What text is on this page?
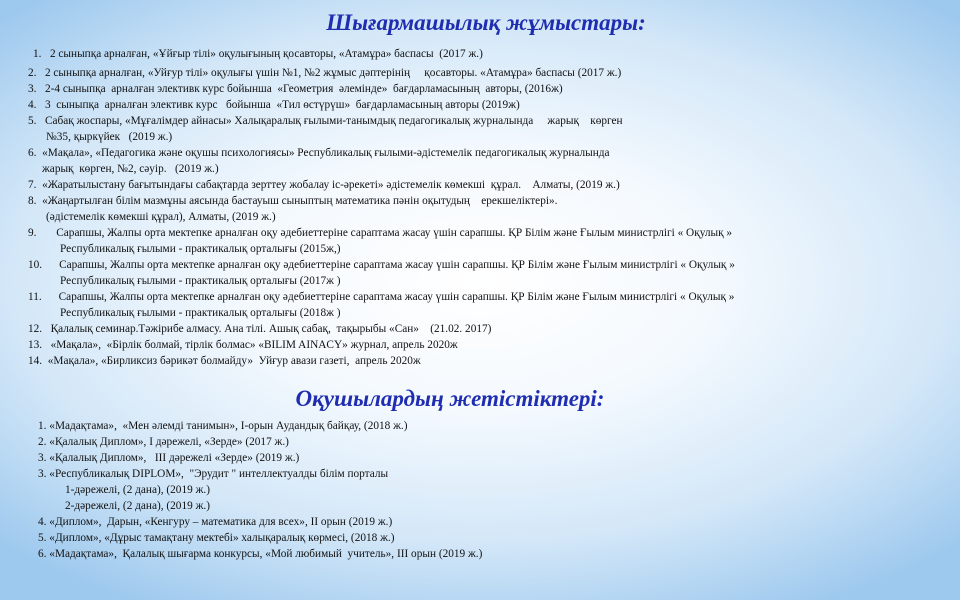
Шығармашылық жұмыстары:
1.   2 сыныпқа арналған, «Ұйғыр тілі» оқулығының қосавторы, «Атамұра» баспасы  (2017 ж.)
2.   2 сыныпқа арналған, «Уйғур тілі» оқулығы үшін №1, №2 жұмыс дәптерінің     қосавторы. «Атамұра» баспасы (2017 ж.)
3.   2-4 сыныпқа  арналған элективк курс бойынша  «Геометрия  әлемінде»  бағдарламасының  авторы, (2016ж)
4.   3  сыныпқа  арналған элективк курс   бойынша  «Тил өстүрүш»  бағдарламасының авторы (2019ж)
5.   Сабақ жоспары, «Мұғалімдер айнасы» Халықаралық ғылыми-танымдық педагогикалық журналында     жарық    көрген
№35, қыркүйек   (2019 ж.)
6.  «Мақала», «Педагогика және оқушы психологиясы» Республикалық ғылыми-әдістемелік педагогикалық журналында
жарық  көрген, №2, сәуір.   (2019 ж.)
7.  «Жаратылыстану бағытындағы сабақтарда зерттеу жобалау іс-әрекеті» әдістемелік көмекші  құрал.    Алматы, (2019 ж.)
8.  «Жаңартылған білім мазмұны аясында бастауыш сыныптың математика пәнін оқытудың    ерекшеліктері».
(әдістемелік көмекші құрал), Алматы, (2019 ж.)
9.       Сарапшы, Жалпы орта мектепке арналған оқу әдебиеттеріне сараптама жасау үшін сарапшы. ҚР Білім және Ғылым министрлігі « Оқулық »
Республикалық ғылыми - практикалық орталығы (2015ж,)
10.      Сарапшы, Жалпы орта мектепке арналған оқу әдебиеттеріне сараптама жасау үшін сарапшы. ҚР Білім және Ғылым министрлігі « Оқулық »
Республикалық ғылыми - практикалық орталығы (2017ж )
11.      Сарапшы, Жалпы орта мектепке арналған оқу әдебиеттеріне сараптама жасау үшін сарапшы. ҚР Білім және Ғылым министрлігі « Оқулық »
Республикалық ғылыми - практикалық орталығы (2018ж )
12.   Қалалық семинар.Тәжірибе алмасу. Ана тілі. Ашық сабақ,  тақырыбы «Сан»    (21.02. 2017)
13.   «Мақала»,  «Бірлік болмай, тірлік болмас» «BILIM AINACY» журнал, апрель 2020ж
14.  «Мақала», «Бирликсиз бәрикәт болмайду»  Уйғур авази газеті,  апрель 2020ж
Оқушылардың жетістіктері:
1. «Мадақтама»,  «Мен әлемді танимын», I-орын Аудандық байқау, (2018 ж.)
2. «Қалалық Диплом», I дәрежелі, «Зерде» (2017 ж.)
3. «Қалалық Диплом»,   III дәрежелі «Зерде» (2019 ж.)
3. «Республикалық DIPLOM»,  "Эрудит " интеллектуалды білім порталы
1-дәрежелі, (2 дана), (2019 ж.)
2-дәрежелі, (2 дана), (2019 ж.)
4. «Диплом»,  Дарын, «Кенгуру – математика для всех», II орын (2019 ж.)
5. «Диплом», «Дұрыс тамақтану мектебі» халықаралық көрмесі, (2018 ж.)
6. «Мадақтама»,  Қалалық шығарма конкурсы, «Мой любимый  учитель», III орын (2019 ж.)
